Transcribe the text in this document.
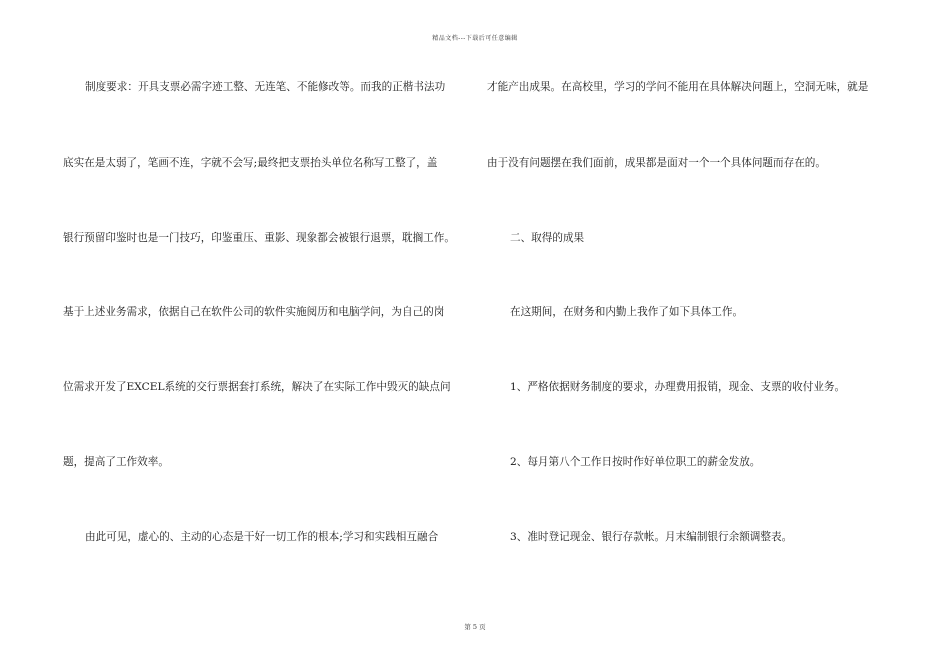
精品文档---下载后可任意编辑
制度要求：开具支票必需字迹工整、无连笔、不能修改等。而我的正楷书法功
底实在是太弱了，笔画不连，字就不会写;最终把支票抬头单位名称写工整了，盖
银行预留印鉴时也是一门技巧，印鉴重压、重影、现象都会被银行退票，耽搁工作。
基于上述业务需求，依据自己在软件公司的软件实施阅历和电脑学问，为自己的岗
位需求开发了EXCEL系统的交行票据套打系统，解决了在实际工作中毁灭的缺点问
题，提高了工作效率。
由此可见，虚心的、主动的心态是干好一切工作的根本;学习和实践相互融合
才能产出成果。在高校里，学习的学问不能用在具体解决问题上，空洞无味，就是
由于没有问题摆在我们面前，成果都是面对一个一个具体问题而存在的。
二、取得的成果
在这期间，在财务和内勤上我作了如下具体工作。
1、严格依据财务制度的要求，办理费用报销，现金、支票的收付业务。
2、每月第八个工作日按时作好单位职工的薪金发放。
3、准时登记现金、银行存款帐。月末编制银行余额调整表。
第 5 页
